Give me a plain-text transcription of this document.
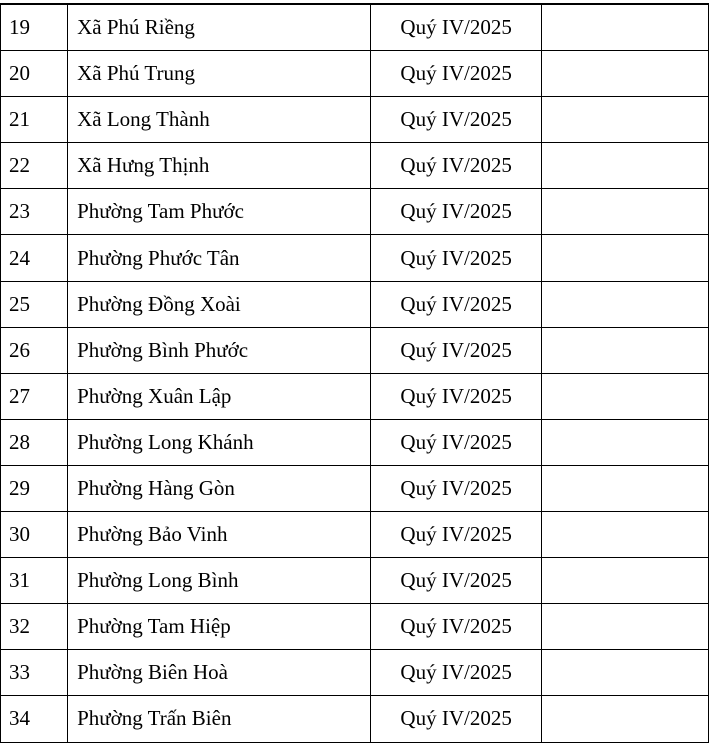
19	Xã Phú Riềng	Quý IV/2025	
20	Xã Phú Trung	Quý IV/2025	
21	Xã Long Thành	Quý IV/2025	
22	Xã Hưng Thịnh	Quý IV/2025	
23	Phường Tam Phước	Quý IV/2025	
24	Phường Phước Tân	Quý IV/2025	
25	Phường Đồng Xoài	Quý IV/2025	
26	Phường Bình Phước	Quý IV/2025	
27	Phường Xuân Lập	Quý IV/2025	
28	Phường Long Khánh	Quý IV/2025	
29	Phường Hàng Gòn	Quý IV/2025	
30	Phường Bảo Vinh	Quý IV/2025	
31	Phường Long Bình	Quý IV/2025	
32	Phường Tam Hiệp	Quý IV/2025	
33	Phường Biên Hoà	Quý IV/2025	
34	Phường Trấn Biên	Quý IV/2025	
